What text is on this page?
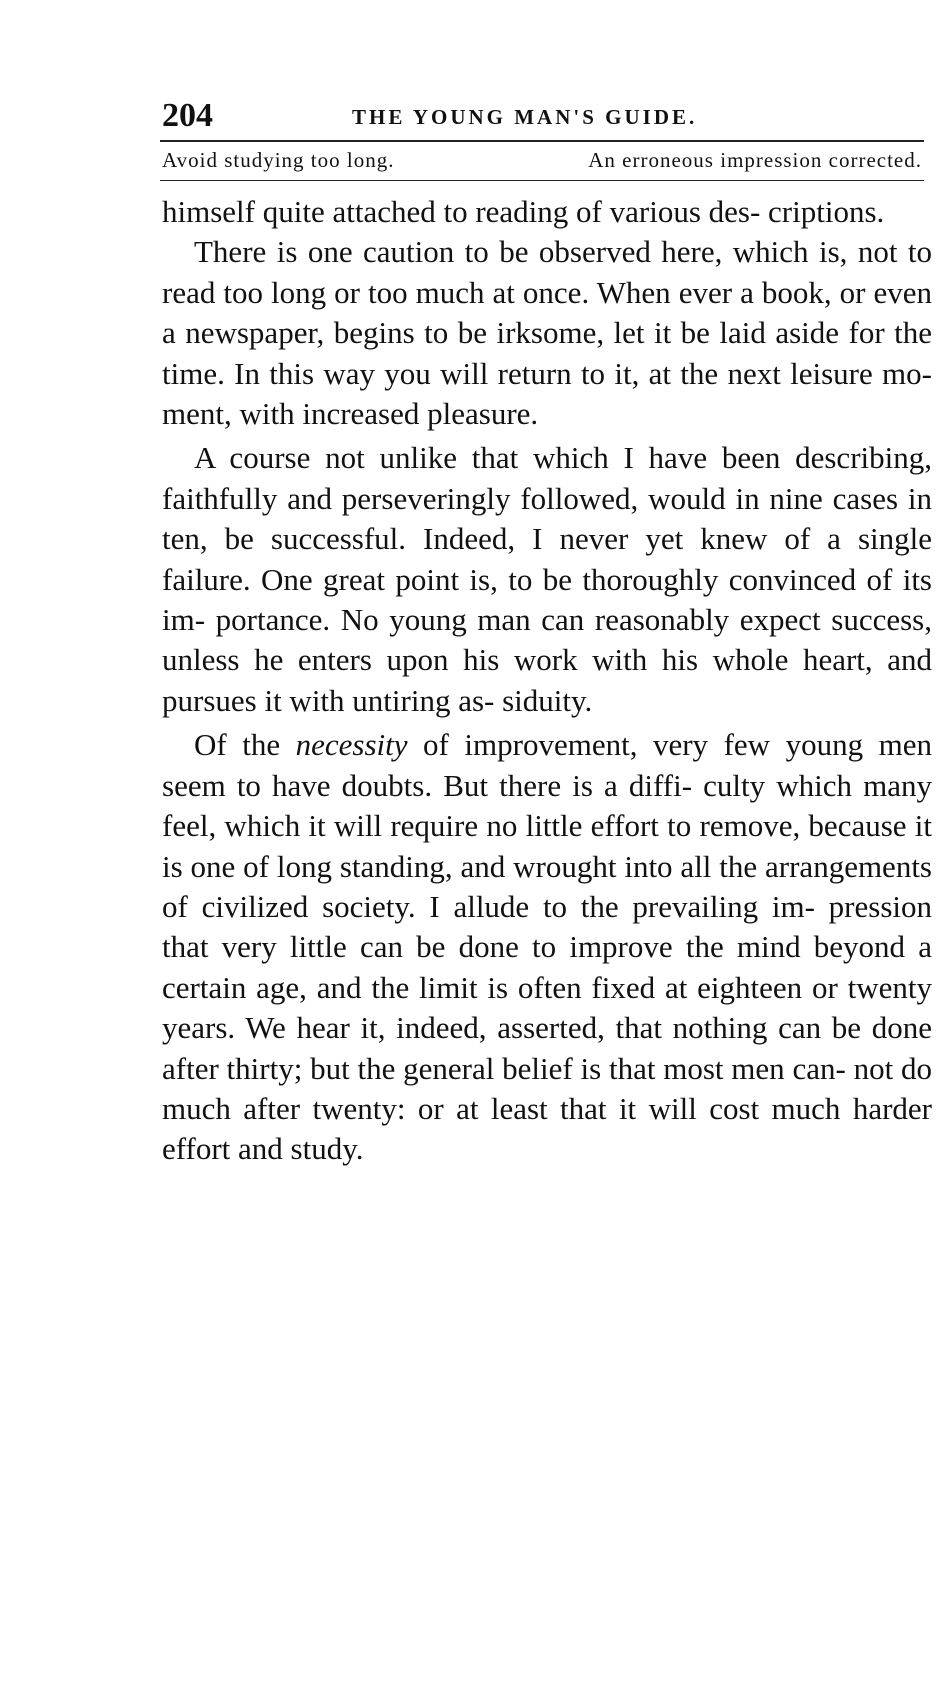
204	THE YOUNG MAN'S GUIDE.
Avoid studying too long.	An erroneous impression corrected.

himself quite attached to reading of various des- criptions.

There is one caution to be observed here, which is, not to read too long or too much at once. When ever a book, or even a newspaper, begins to be irksome, let it be laid aside for the time. In this way you will return to it, at the next leisure mo- ment, with increased pleasure.

A course not unlike that which I have been describing, faithfully and perseveringly followed, would in nine cases in ten, be successful. Indeed, I never yet knew of a single failure. One great point is, to be thoroughly convinced of its im- portance. No young man can reasonably expect success, unless he enters upon his work with his whole heart, and pursues it with untiring as- siduity.

Of the necessity of improvement, very few young men seem to have doubts. But there is a diffi- culty which many feel, which it will require no little effort to remove, because it is one of long standing, and wrought into all the arrangements of civilized society. I allude to the prevailing im- pression that very little can be done to improve the mind beyond a certain age, and the limit is often fixed at eighteen or twenty years. We hear it, indeed, asserted, that nothing can be done after thirty; but the general belief is that most men can- not do much after twenty: or at least that it will cost much harder effort and study.
